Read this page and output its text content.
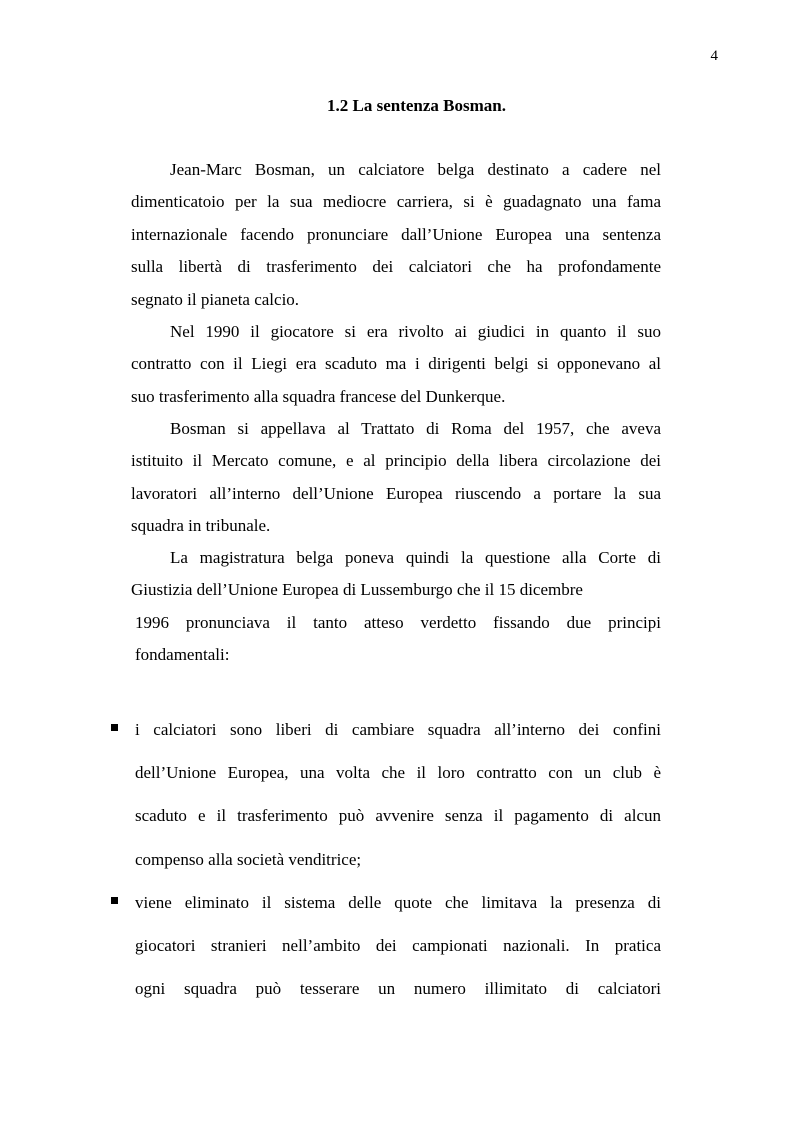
4
1.2 La sentenza Bosman.
Jean-Marc Bosman, un calciatore belga destinato a cadere nel
dimenticatoio per la sua mediocre carriera, si è guadagnato una fama
internazionale facendo pronunciare dall’Unione Europea una sentenza
sulla libertà di trasferimento dei calciatori che ha profondamente
segnato il pianeta calcio.
Nel 1990 il giocatore si era rivolto ai giudici in quanto il suo
contratto con il Liegi era scaduto ma i dirigenti belgi si opponevano al
suo trasferimento alla squadra francese del Dunkerque.
Bosman si appellava al Trattato di Roma del 1957, che aveva
istituito il Mercato comune, e al principio della libera circolazione dei
lavoratori all’interno dell’Unione Europea riuscendo a portare la sua
squadra in tribunale.
La magistratura belga poneva quindi la questione alla Corte di
Giustizia dell’Unione Europea di Lussemburgo che il 15 dicembre
1996 pronunciava il tanto atteso verdetto fissando due principi
fondamentali:
i calciatori sono liberi di cambiare squadra all’interno dei confini
dell’Unione Europea, una volta che il loro contratto con un club è
scaduto e il trasferimento può avvenire senza il pagamento di alcun
compenso alla società venditrice;
viene eliminato il sistema delle quote che limitava la presenza di
giocatori stranieri nell’ambito dei campionati nazionali. In pratica
ogni squadra può tesserare un numero illimitato di calciatori
